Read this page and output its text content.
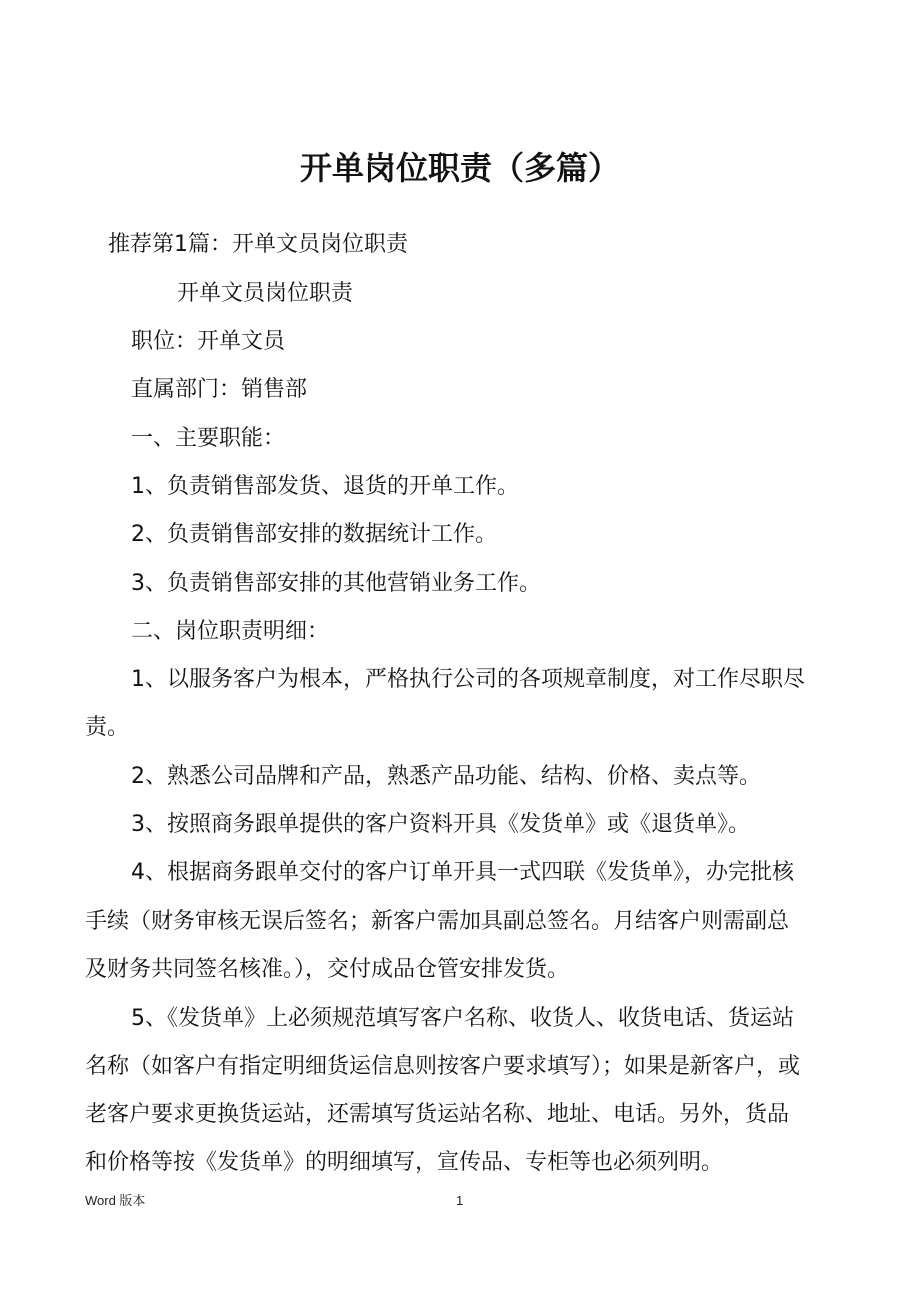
开单岗位职责（多篇）

推荐第1篇：开单文员岗位职责

开单文员岗位职责

职位：开单文员

直属部门：销售部

一、主要职能：

1、负责销售部发货、退货的开单工作。

2、负责销售部安排的数据统计工作。

3、负责销售部安排的其他营销业务工作。

二、岗位职责明细：

1、以服务客户为根本，严格执行公司的各项规章制度，对工作尽职尽

责。

2、熟悉公司品牌和产品，熟悉产品功能、结构、价格、卖点等。

3、按照商务跟单提供的客户资料开具《发货单》或《退货单》。

4、根据商务跟单交付的客户订单开具一式四联《发货单》，办完批核

手续（财务审核无误后签名；新客户需加具副总签名。月结客户则需副总

及财务共同签名核准。），交付成品仓管安排发货。

5、《发货单》上必须规范填写客户名称、收货人、收货电话、货运站

名称（如客户有指定明细货运信息则按客户要求填写）；如果是新客户，或

老客户要求更换货运站，还需填写货运站名称、地址、电话。另外，货品

和价格等按《发货单》的明细填写，宣传品、专柜等也必须列明。

Word 版本	1
